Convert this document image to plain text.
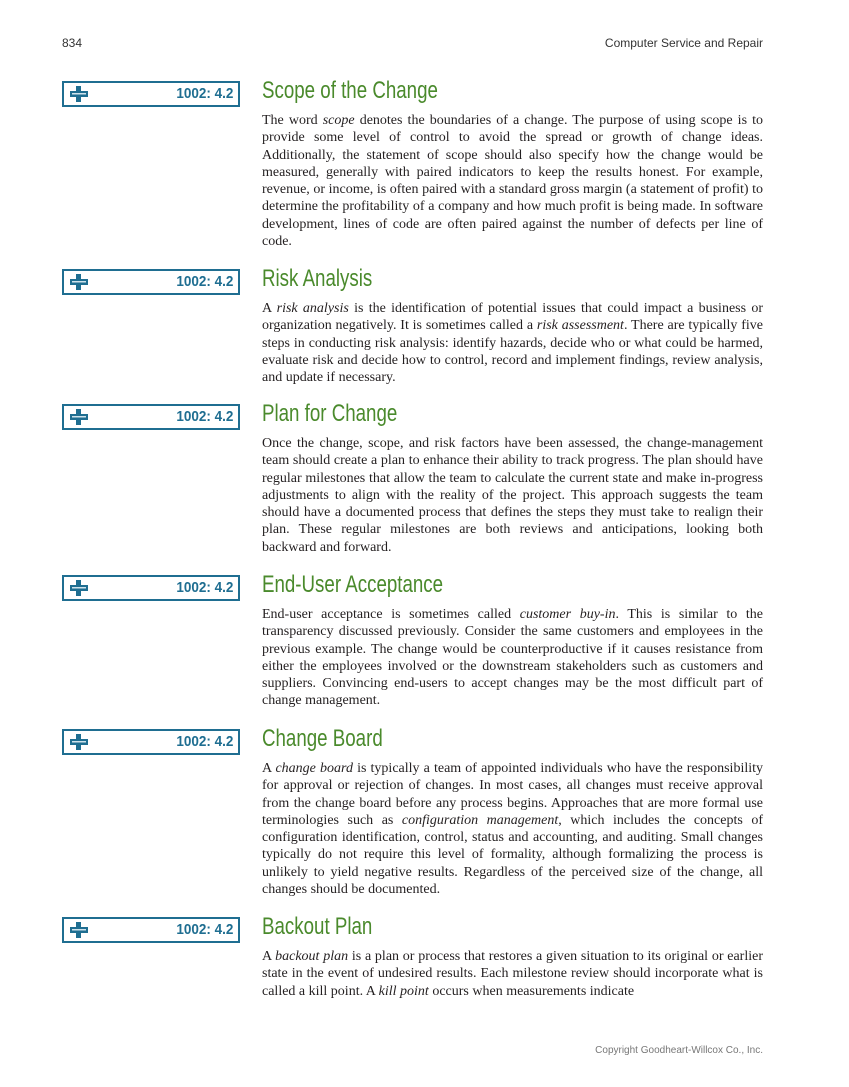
834	Computer Service and Repair
1002: 4.2 Scope of the Change
The word scope denotes the boundaries of a change. The purpose of using scope is to provide some level of control to avoid the spread or growth of change ideas. Additionally, the statement of scope should also specify how the change would be measured, generally with paired indicators to keep the results honest. For example, revenue, or income, is often paired with a standard gross margin (a statement of profit) to determine the profitability of a company and how much profit is being made. In software development, lines of code are often paired against the number of defects per line of code.
1002: 4.2 Risk Analysis
A risk analysis is the identification of potential issues that could impact a business or organization negatively. It is sometimes called a risk assessment. There are typically five steps in conducting risk analysis: identify hazards, decide who or what could be harmed, evaluate risk and decide how to control, record and implement findings, review analysis, and update if necessary.
1002: 4.2 Plan for Change
Once the change, scope, and risk factors have been assessed, the change-management team should create a plan to enhance their ability to track progress. The plan should have regular milestones that allow the team to calculate the current state and make in-progress adjustments to align with the reality of the project. This approach suggests the team should have a documented process that defines the steps they must take to realign their plan. These regular milestones are both reviews and anticipations, looking both backward and forward.
1002: 4.2 End-User Acceptance
End-user acceptance is sometimes called customer buy-in. This is similar to the transparency discussed previously. Consider the same customers and employees in the previous example. The change would be counterproductive if it causes resistance from either the employees involved or the downstream stakeholders such as customers and suppliers. Convincing end-users to accept changes may be the most difficult part of change management.
1002: 4.2 Change Board
A change board is typically a team of appointed individuals who have the responsibility for approval or rejection of changes. In most cases, all changes must receive approval from the change board before any process begins. Approaches that are more formal use terminologies such as configuration management, which includes the concepts of configuration identification, control, status and accounting, and auditing. Small changes typically do not require this level of formality, although formalizing the process is unlikely to yield negative results. Regardless of the perceived size of the change, all changes should be documented.
1002: 4.2 Backout Plan
A backout plan is a plan or process that restores a given situation to its original or earlier state in the event of undesired results. Each milestone review should incorporate what is called a kill point. A kill point occurs when measurements indicate
Copyright Goodheart-Willcox Co., Inc.
